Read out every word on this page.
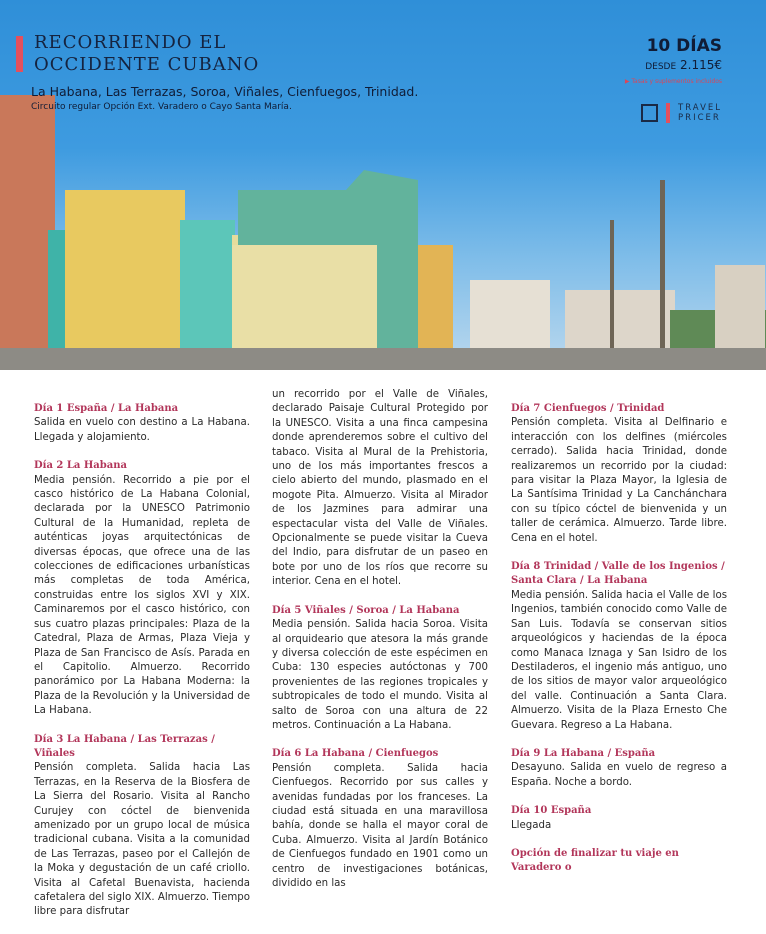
RECORRIENDO EL
OCCIDENTE CUBANO
La Habana, Las Terrazas, Soroa, Viñales, Cienfuegos, Trinidad.
Circuito regular Opción Ext. Varadero o Cayo Santa María.
10 DÍAS
DESDE 2.115€
▶ Tasas y suplementos incluidos
TRAVEL
PRICER

Día 1 España / La Habana
Salida en vuelo con destino a La Habana. Llegada y alojamiento.

Día 2 La Habana
Media pensión. Recorrido a pie por el casco histórico de La Habana Colonial, declarada por la UNESCO Patrimonio Cultural de la Humanidad, repleta de auténticas joyas arquitectónicas de diversas épocas, que ofrece una de las colecciones de edificaciones urbanísticas más completas de toda América, construidas entre los siglos XVI y XIX. Caminaremos por el casco histórico, con sus cuatro plazas principales: Plaza de la Catedral, Plaza de Armas, Plaza Vieja y Plaza de San Francisco de Asís. Parada en el Capitolio. Almuerzo. Recorrido panorámico por La Habana Moderna: la Plaza de la Revolución y la Universidad de La Habana.

Día 3 La Habana / Las Terrazas / Viñales
Pensión completa. Salida hacia Las Terrazas, en la Reserva de la Biosfera de La Sierra del Rosario. Visita al Rancho Curujey con cóctel de bienvenida amenizado por un grupo local de música tradicional cubana. Visita a la comunidad de Las Terrazas, paseo por el Callejón de la Moka y degustación de un café criollo. Visita al Cafetal Buenavista, hacienda cafetalera del siglo XIX. Almuerzo. Tiempo libre para disfrutar

un recorrido por el Valle de Viñales, declarado Paisaje Cultural Protegido por la UNESCO. Visita a una finca campesina donde aprenderemos sobre el cultivo del tabaco. Visita al Mural de la Prehistoria, uno de los más importantes frescos a cielo abierto del mundo, plasmado en el mogote Pita. Almuerzo. Visita al Mirador de los Jazmines para admirar una espectacular vista del Valle de Viñales. Opcionalmente se puede visitar la Cueva del Indio, para disfrutar de un paseo en bote por uno de los ríos que recorre su interior. Cena en el hotel.

Día 5 Viñales / Soroa / La Habana
Media pensión. Salida hacia Soroa. Visita al orquideario que atesora la más grande y diversa colección de este espécimen en Cuba: 130 especies autóctonas y 700 provenientes de las regiones tropicales y subtropicales de todo el mundo. Visita al salto de Soroa con una altura de 22 metros. Continuación a La Habana.

Día 6 La Habana / Cienfuegos
Pensión completa. Salida hacia Cienfuegos. Recorrido por sus calles y avenidas fundadas por los franceses. La ciudad está situada en una maravillosa bahía, donde se halla el mayor coral de Cuba. Almuerzo. Visita al Jardín Botánico de Cienfuegos fundado en 1901 como un centro de investigaciones botánicas, dividido en las

Día 7 Cienfuegos / Trinidad
Pensión completa. Visita al Delfinario e interacción con los delfines (miércoles cerrado). Salida hacia Trinidad, donde realizaremos un recorrido por la ciudad: para visitar la Plaza Mayor, la Iglesia de La Santísima Trinidad y La Canchánchara con su típico cóctel de bienvenida y un taller de cerámica. Almuerzo. Tarde libre. Cena en el hotel.

Día 8 Trinidad / Valle de los Ingenios / Santa Clara / La Habana
Media pensión. Salida hacia el Valle de los Ingenios, también conocido como Valle de San Luis. Todavía se conservan sitios arqueológicos y haciendas de la época como Manaca Iznaga y San Isidro de los Destiladeros, el ingenio más antiguo, uno de los sitios de mayor valor arqueológico del valle. Continuación a Santa Clara. Almuerzo. Visita de la Plaza Ernesto Che Guevara. Regreso a La Habana.

Día 9 La Habana / España
Desayuno. Salida en vuelo de regreso a España. Noche a bordo.

Día 10 España
Llegada

Opción de finalizar tu viaje en Varadero o
